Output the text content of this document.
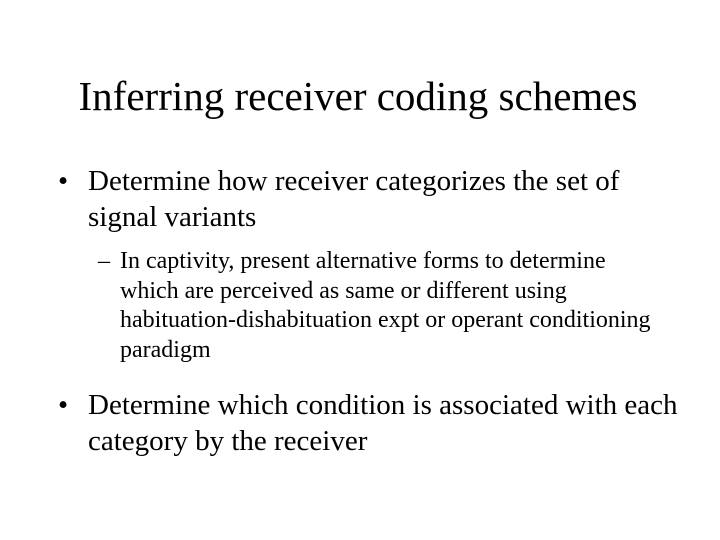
Inferring receiver coding schemes
• Determine how receiver categorizes the set of signal variants
– In captivity, present alternative forms to determine which are perceived as same or different using habituation-dishabituation expt or operant conditioning paradigm
• Determine which condition is associated with each category by the receiver
